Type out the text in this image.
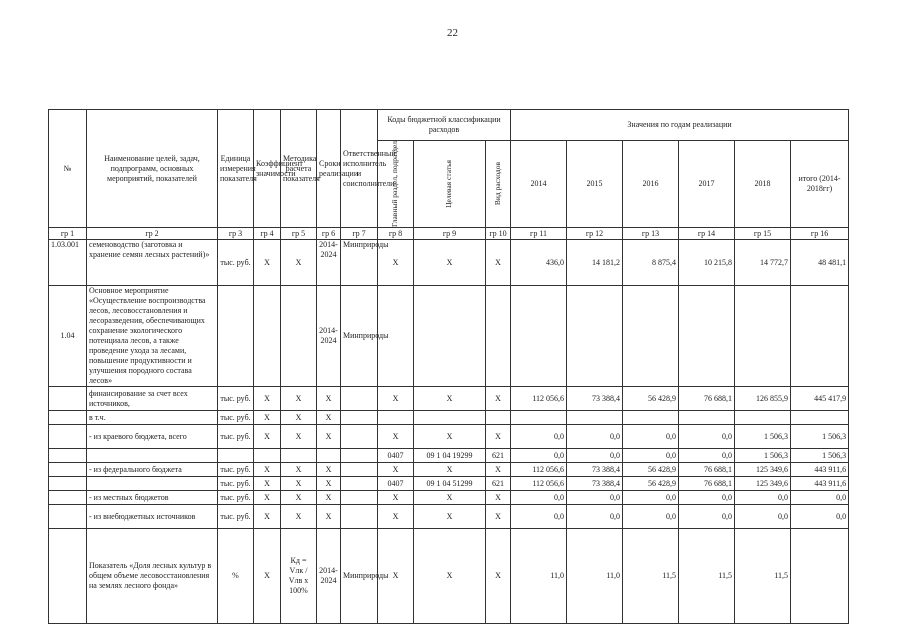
22
№	Наименование целей, задач, подпрограмм, основных мероприятий, показателей	Единица измерения показателя	Коэффициент значимости	Методика расчета показателя	Сроки реализации	Ответственный исполнитель и соисполнители	Коды бюджетной классификации расходов			Значения по годам реализации					

							Главный раздел, подраздел	Целевая статья	Вид расходов	2014	2015	2016	2017	2018	итого (2014-2018гг)
гр 1	гр 2	гр 3	гр 4	гр 5	гр 6	гр 7	гр 8	гр 9	гр 10	гр 11	гр 12	гр 13	гр 14	гр 15	гр 16
1.03.001	семеноводство (заготовка и хранение семян лесных растений)»	тыс. руб.	Х	Х	2014-2024	Минприроды	Х	Х	Х	436,0	14 181,2	8 875,4	10 215,8	14 772,7	48 481,1
1.04	Основное мероприятие «Осуществление воспроизводства лесов, лесовосстановления и лесоразведения, обеспечивающих сохранение экологического потенциала лесов, а также проведение ухода за лесами, повышение продуктивности и улучшения породного состава лесов»				2014-2024	Минприроды									
	финансирование за счет всех источников,	тыс. руб.	Х	Х	Х		Х	Х	Х	112 056,6	73 388,4	56 428,9	76 688,1	126 855,9	445 417,9
	в т.ч.	тыс. руб.	Х	Х	Х										
	- из краевого бюджета, всего	тыс. руб.	Х	Х	Х		Х	Х	Х	0,0	0,0	0,0	0,0	1 506,3	1 506,3
							0407	09 1 04 19299	621	0,0	0,0	0,0	0,0	1 506,3	1 506,3
	- из федерального бюджета	тыс. руб.	Х	Х	Х		Х	Х	Х	112 056,6	73 388,4	56 428,9	76 688,1	125 349,6	443 911,6
		тыс. руб.	Х	Х	Х		0407	09 1 04 51299	621	112 056,6	73 388,4	56 428,9	76 688,1	125 349,6	443 911,6
	- из местных бюджетов	тыс. руб.	Х	Х	Х		Х	Х	Х	0,0	0,0	0,0	0,0	0,0	0,0
	- из внебюджетных источников	тыс. руб.	Х	Х	Х		Х	Х	Х	0,0	0,0	0,0	0,0	0,0	0,0
	Показатель «Доля лесных культур в общем объеме лесовосстановления на землях лесного фонда»	%	Х	Кд = Vлк / Vлв х 100%	2014-2024	Минприроды	Х	Х	Х	11,0	11,0	11,5	11,5	11,5	
